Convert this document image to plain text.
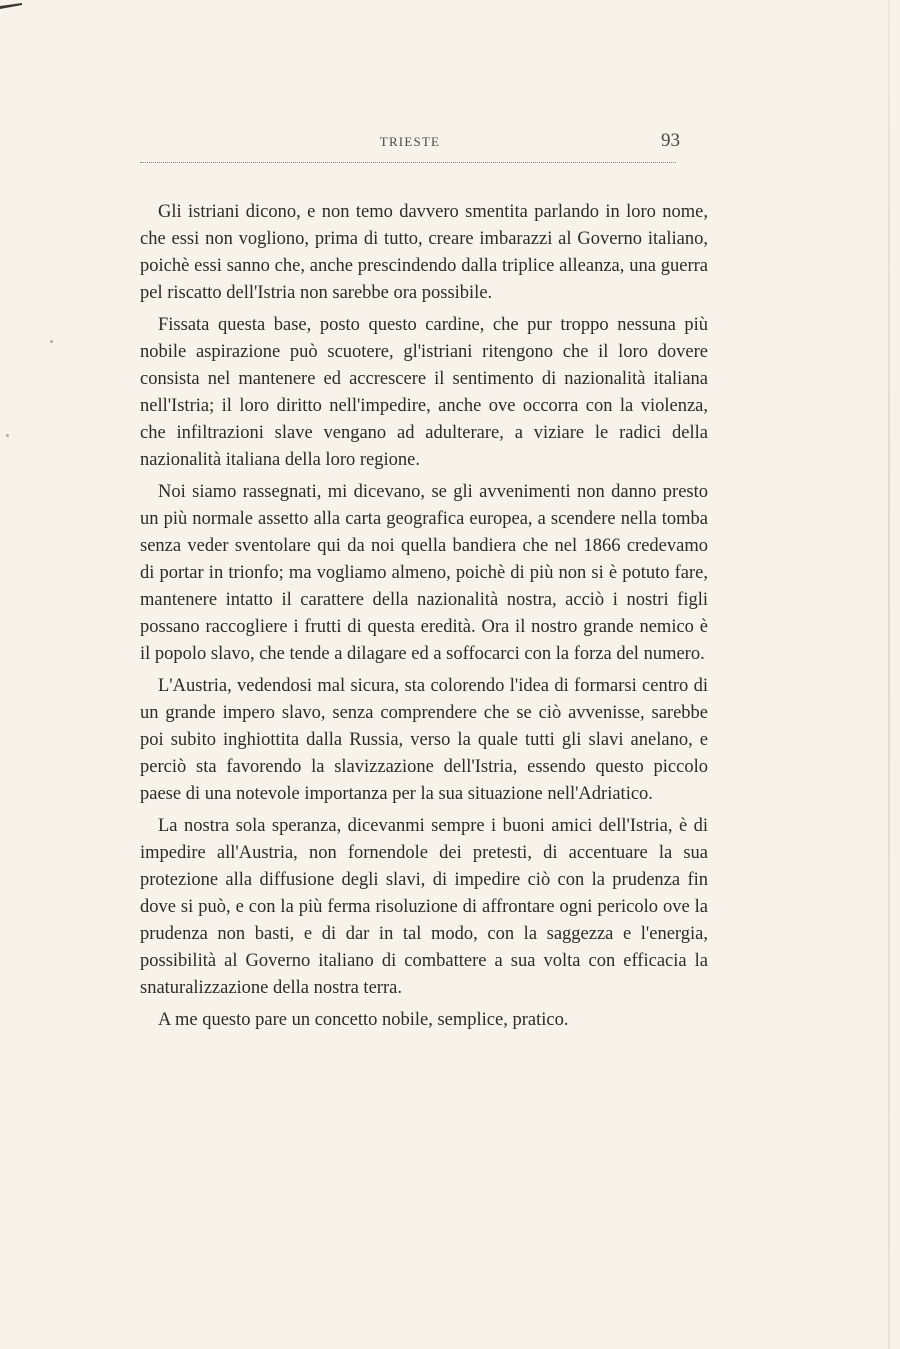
TRIESTE	93

Gli istriani dicono, e non temo davvero smentita parlando in loro nome, che essi non vogliono, prima di tutto, creare imbarazzi al Governo italiano, poichè essi sanno che, anche prescindendo dalla triplice alleanza, una guerra pel riscatto dell'Istria non sarebbe ora possibile.

Fissata questa base, posto questo cardine, che pur troppo nessuna più nobile aspirazione può scuotere, gl'istriani ritengono che il loro dovere consista nel mantenere ed accrescere il sentimento di nazionalità italiana nell'Istria; il loro diritto nell'impedire, anche ove occorra con la violenza, che infiltrazioni slave vengano ad adulterare, a viziare le radici della nazionalità italiana della loro regione.

Noi siamo rassegnati, mi dicevano, se gli avvenimenti non danno presto un più normale assetto alla carta geografica europea, a scendere nella tomba senza veder sventolare qui da noi quella bandiera che nel 1866 credevamo di portar in trionfo; ma vogliamo almeno, poichè di più non si è potuto fare, mantenere intatto il carattere della nazionalità nostra, acciò i nostri figli possano raccogliere i frutti di questa eredità. Ora il nostro grande nemico è il popolo slavo, che tende a dilagare ed a soffocarci con la forza del numero.

L'Austria, vedendosi mal sicura, sta colorendo l'idea di formarsi centro di un grande impero slavo, senza comprendere che se ciò avvenisse, sarebbe poi subito inghiottita dalla Russia, verso la quale tutti gli slavi anelano, e perciò sta favorendo la slavizzazione dell'Istria, essendo questo piccolo paese di una notevole importanza per la sua situazione nell'Adriatico.

La nostra sola speranza, dicevanmi sempre i buoni amici dell'Istria, è di impedire all'Austria, non fornendole dei pretesti, di accentuare la sua protezione alla diffusione degli slavi, di impedire ciò con la prudenza fin dove si può, e con la più ferma risoluzione di affrontare ogni pericolo ove la prudenza non basti, e di dar in tal modo, con la saggezza e l'energia, possibilità al Governo italiano di combattere a sua volta con efficacia la snaturalizzazione della nostra terra.

A me questo pare un concetto nobile, semplice, pratico.
